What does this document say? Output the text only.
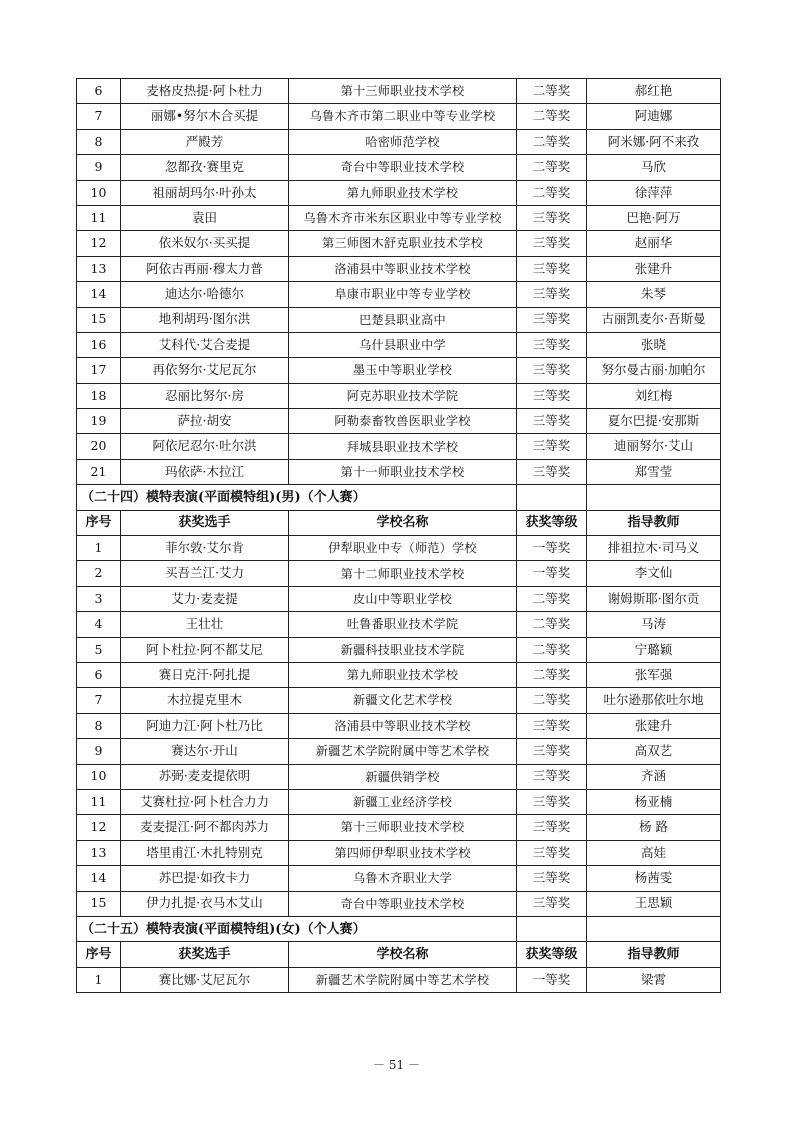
6	麦格皮热提·阿卜杜力	第十三师职业技术学校	二等奖	郝红艳
7	丽娜•努尔木合买提	乌鲁木齐市第二职业中等专业学校	二等奖	阿迪娜
8	严殿芳	哈密师范学校	二等奖	阿米娜·阿不来孜
9	忽都孜·赛里克	奇台中等职业技术学校	二等奖	马欣
10	祖丽胡玛尔·叶孙太	第九师职业技术学校	二等奖	徐萍萍
11	袁田	乌鲁木齐市米东区职业中等专业学校	三等奖	巴艳·阿万
12	依米奴尔·买买提	第三师图木舒克职业技术学校	三等奖	赵丽华
13	阿依古再丽·穆太力普	洛浦县中等职业技术学校	三等奖	张建升
14	迪达尔·哈德尔	阜康市职业中等专业学校	三等奖	朱琴
15	地利胡玛·图尔洪	巴楚县职业高中	三等奖	古丽凯麦尔·吾斯曼
16	艾科代·艾合麦提	乌什县职业中学	三等奖	张晓
17	再依努尔·艾尼瓦尔	墨玉中等职业学校	三等奖	努尔曼古丽·加帕尔
18	忍丽比努尔·房	阿克苏职业技术学院	三等奖	刘红梅
19	萨拉·胡安	阿勒泰畜牧兽医职业学校	三等奖	夏尔巴提·安那斯
20	阿依尼忍尔·吐尔洪	拜城县职业技术学校	三等奖	迪丽努尔·艾山
21	玛依萨·木拉江	第十一师职业技术学校	三等奖	郑雪莹
（二十四）模特表演(平面模特组)(男)（个人赛）				
序号	获奖选手	学校名称	获奖等级	指导教师
1	菲尔敦·艾尔肯	伊犁职业中专（师范）学校	一等奖	排祖拉木·司马义
2	买吾兰江·艾力	第十二师职业技术学校	一等奖	李文仙
3	艾力·麦麦提	皮山中等职业学校	二等奖	谢姆斯耶·图尔贡
4	王壮壮	吐鲁番职业技术学院	二等奖	马涛
5	阿卜杜拉·阿不都艾尼	新疆科技职业技术学院	二等奖	宁璐颖
6	赛日克汗·阿扎提	第九师职业技术学校	二等奖	张军强
7	木拉提克里木	新疆文化艺术学校	二等奖	吐尔逊那依吐尔地
8	阿迪力江·阿卜杜乃比	洛浦县中等职业技术学校	三等奖	张建升
9	赛达尔·开山	新疆艺术学院附属中等艺术学校	三等奖	高双艺
10	苏弼·麦麦提依明	新疆供销学校	三等奖	齐涵
11	艾赛杜拉·阿卜杜合力力	新疆工业经济学校	三等奖	杨亚楠
12	麦麦提江·阿不都肉苏力	第十三师职业技术学校	三等奖	杨 路
13	塔里甫江·木扎特别克	第四师伊犁职业技术学校	三等奖	高娃
14	苏巴提·如孜卡力	乌鲁木齐职业大学	三等奖	杨茜雯
15	伊力扎提·衣马木艾山	奇台中等职业技术学校	三等奖	王思颖
（二十五）模特表演(平面模特组)(女)（个人赛）				
序号	获奖选手	学校名称	获奖等级	指导教师
1	赛比娜·艾尼瓦尔	新疆艺术学院附属中等艺术学校	一等奖	梁霄
－ 51 －
